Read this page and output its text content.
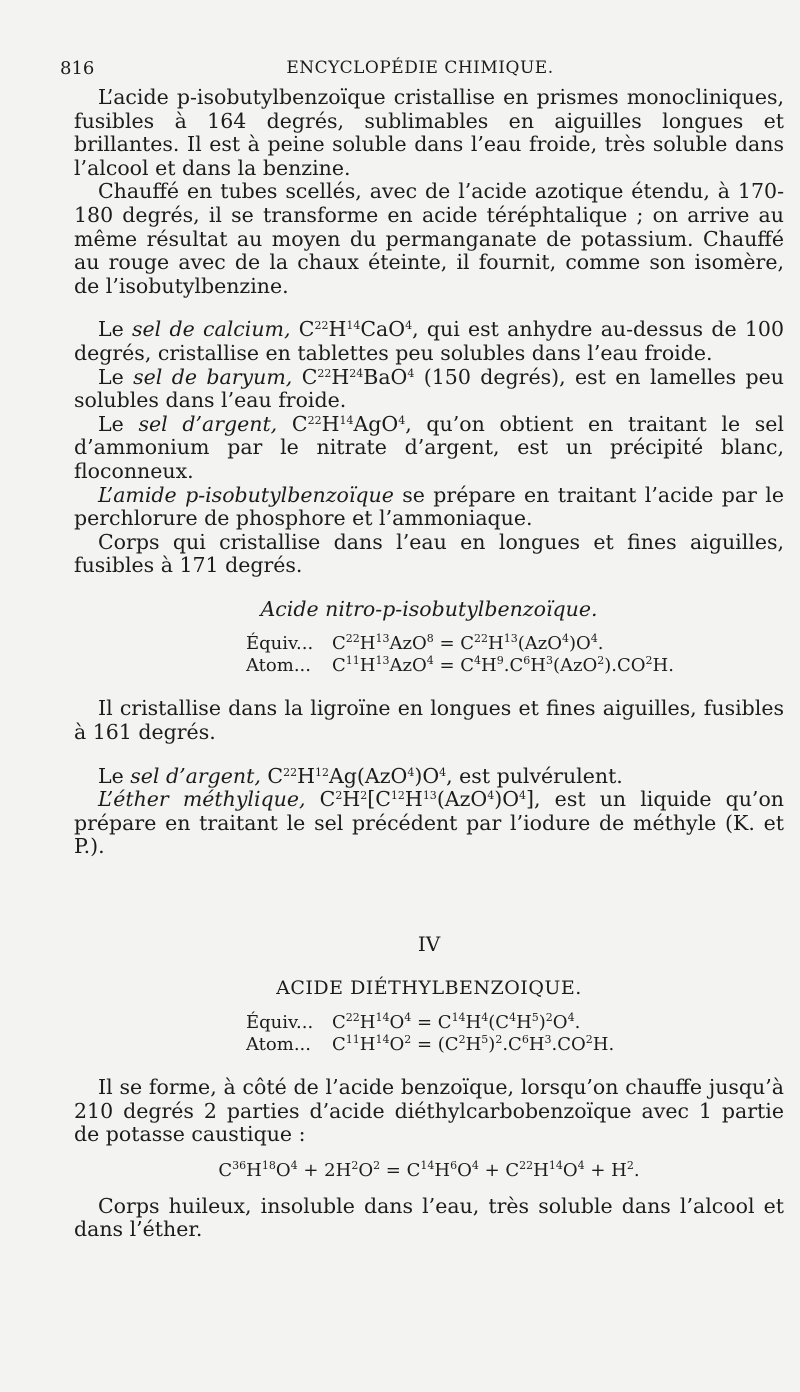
816	ENCYCLOPÉDIE CHIMIQUE.

L’acide p-isobutylbenzoïque cristallise en prismes monocliniques, fusibles à 164 degrés, sublimables en aiguilles longues et brillantes. Il est à peine soluble dans l’eau froide, très soluble dans l’alcool et dans la benzine.

Chauffé en tubes scellés, avec de l’acide azotique étendu, à 170-180 degrés, il se transforme en acide téréphtalique ; on arrive au même résultat au moyen du permanganate de potassium. Chauffé au rouge avec de la chaux éteinte, il fournit, comme son isomère, de l’isobutylbenzine.

Le sel de calcium, $C^{22}H^{14}CaO^4$, qui est anhydre au-dessus de 100 degrés, cristallise en tablettes peu solubles dans l’eau froide.

Le sel de baryum, $C^{22}H^{24}BaO^4$ (150 degrés), est en lamelles peu solubles dans l’eau froide.

Le sel d’argent, $C^{22}H^{14}AgO^4$, qu’on obtient en traitant le sel d’ammonium par le nitrate d’argent, est un précipité blanc, floconneux.

L’amide p-isobutylbenzoïque se prépare en traitant l’acide par le perchlorure de phosphore et l’ammoniaque.

Corps qui cristallise dans l’eau en longues et fines aiguilles, fusibles à 171 degrés.

Acide nitro-p-isobutylbenzoïque.

Équiv...	$C^{22}H^{13}AzO^8 = C^{22}H^{13}(AzO^4)O^4$.
Atom...	$C^{11}H^{13}AzO^4 = C^4H^9.C^6H^3(AzO^2).CO^2H$.

Il cristallise dans la ligroïne en longues et fines aiguilles, fusibles à 161 degrés.

Le sel d’argent, $C^{22}H^{12}Ag(AzO^4)O^4$, est pulvérulent.

L’éther méthylique, $C^2H^2[C^{12}H^{13}(AzO^4)O^4]$, est un liquide qu’on prépare en traitant le sel précédent par l’iodure de méthyle (K. et P.).

IV
ACIDE DIÉTHYLBENZOIQUE.
Équiv...	$C^{22}H^{14}O^4 = C^{14}H^4(C^4H^5)^2O^4$.
Atom...	$C^{11}H^{14}O^2 = (C^2H^5)^2.C^6H^3.CO^2H$.

Il se forme, à côté de l’acide benzoïque, lorsqu’on chauffe jusqu’à 210 degrés 2 parties d’acide diéthylcarbobenzoïque avec 1 partie de potasse caustique :

$C^{36}H^{18}O^4 + 2H^2O^2 = C^{14}H^6O^4 + C^{22}H^{14}O^4 + H^2$.

Corps huileux, insoluble dans l’eau, très soluble dans l’alcool et dans l’éther.
